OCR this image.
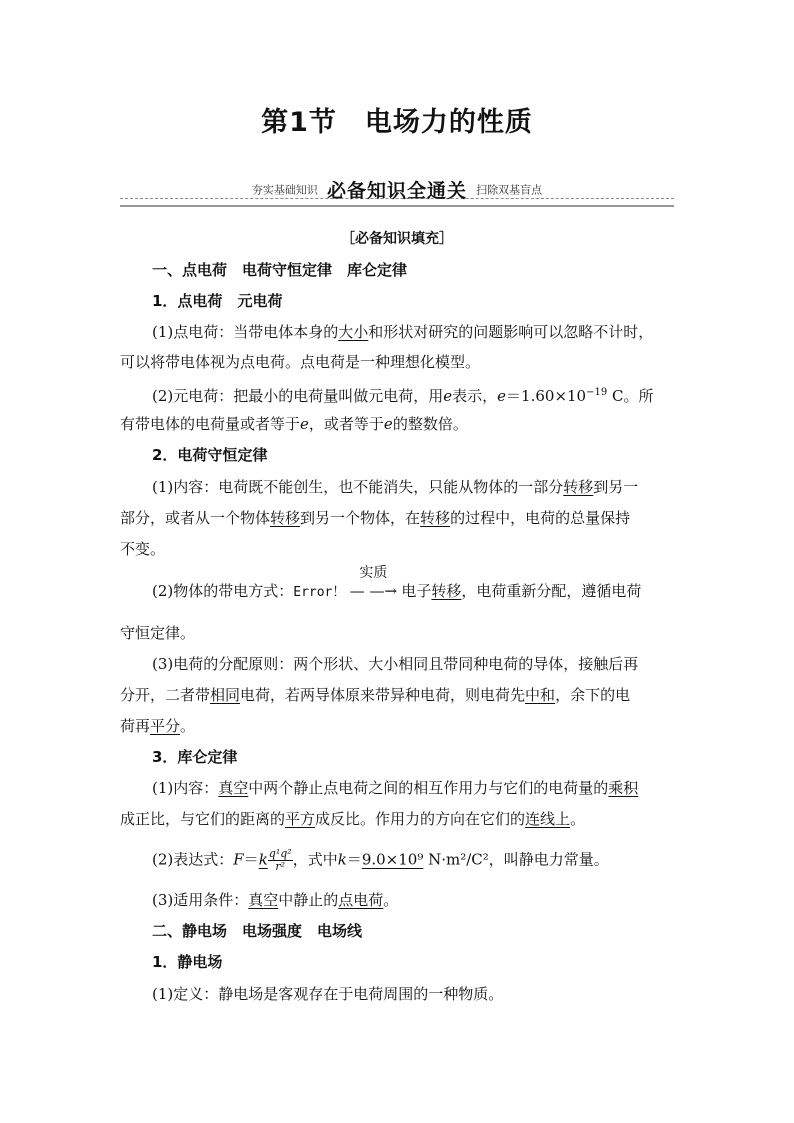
第1节　电场力的性质
夯实基础知识 必备知识全通关 扫除双基盲点
［必备知识填充］
一、点电荷　电荷守恒定律　库仑定律
1．点电荷　元电荷
(1)点电荷：当带电体本身的大小和形状对研究的问题影响可以忽略不计时，
可以将带电体视为点电荷。点电荷是一种理想化模型。
(2)元电荷：把最小的电荷量叫做元电荷，用e表示，$e=1.60\times 10^{-19}$ C。所
有带电体的电荷量或者等于e，或者等于e的整数倍。
2．电荷守恒定律
(1)内容：电荷既不能创生，也不能消失，只能从物体的一部分转移到另一
部分，或者从一个物体转移到另一个物体，在转移的过程中，电荷的总量保持
不变。
(2)物体的带电方式：Error！
实质
— —→ 电子转移，电荷重新分配，遵循电荷
守恒定律。
(3)电荷的分配原则：两个形状、大小相同且带同种电荷的导体，接触后再
分开，二者带相同电荷，若两导体原来带异种电荷，则电荷先中和，余下的电
荷再平分。
3．库仑定律
(1)内容：真空中两个静止点电荷之间的相互作用力与它们的电荷量的乘积
成正比，与它们的距离的平方成反比。作用力的方向在它们的连线上。
(2)表达式：$F=k \frac{\text{q¹q²}}{\text{r²}}$ ，式中k＝9.0×10⁹ N·m²/C²，叫静电力常量。
(3)适用条件：真空中静止的点电荷。
二、静电场　电场强度　电场线
1．静电场
(1)定义：静电场是客观存在于电荷周围的一种物质。
